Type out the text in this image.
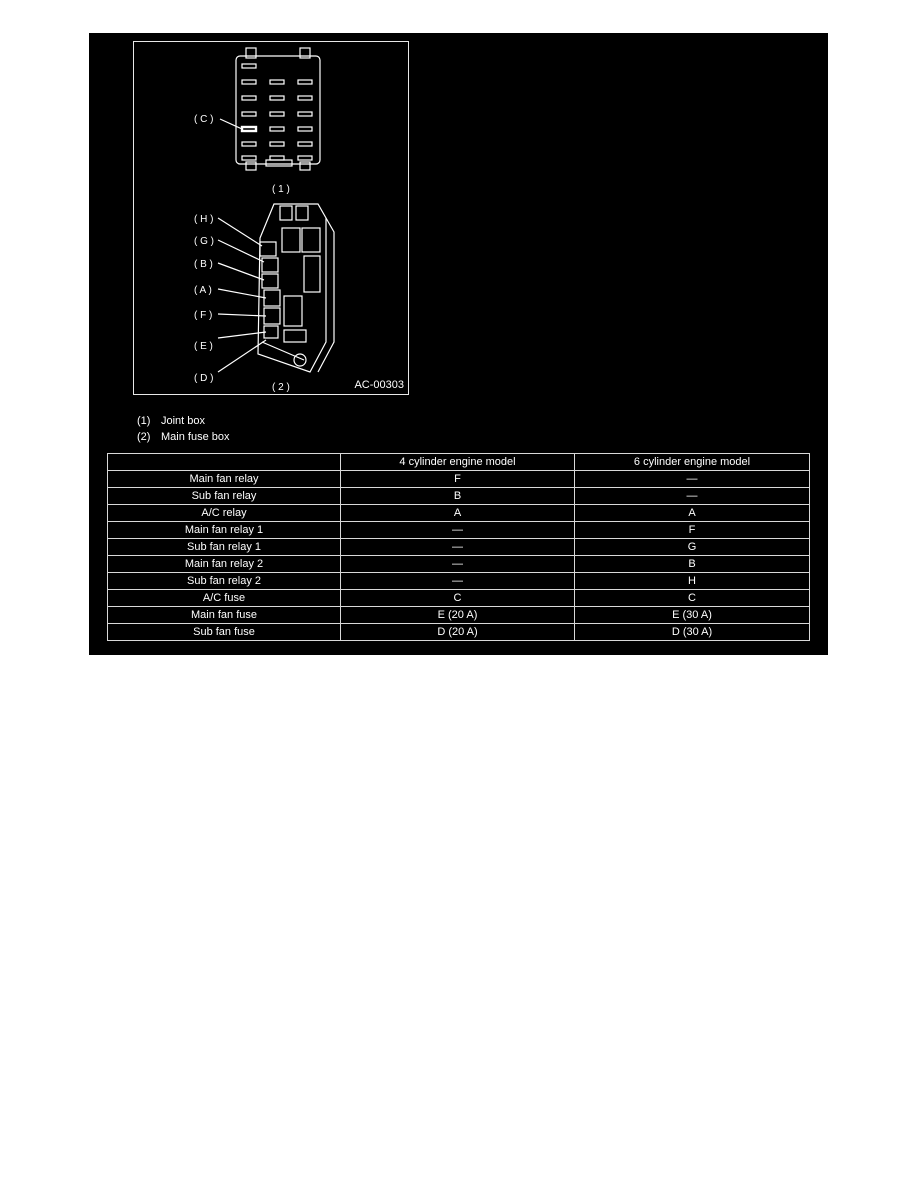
( C )
( H )
( G )
( B )
( A )
( F )
( E )
( D )
( 1 )
( 2 )	AC-00303
(1) Joint box
(2) Main fuse box
	4 cylinder engine model	6 cylinder engine model
Main fan relay	F	—
Sub fan relay	B	—
A/C relay	A	A
Main fan relay 1	—	F
Sub fan relay 1	—	G
Main fan relay 2	—	B
Sub fan relay 2	—	H
A/C fuse	C	C
Main fan fuse	E (20 A)	E (30 A)
Sub fan fuse	D (20 A)	D (30 A)
